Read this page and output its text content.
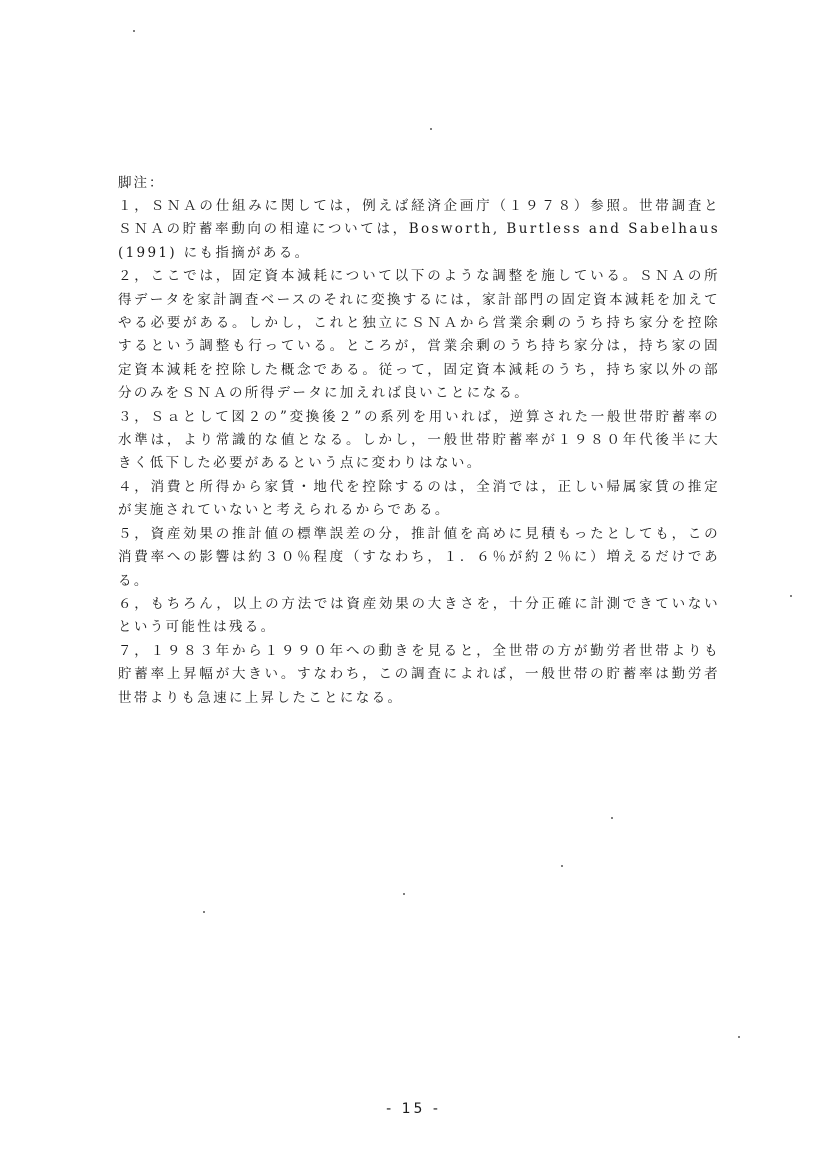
脚注：

１，ＳＮＡの仕組みに関しては，例えば経済企画庁（１９７８）参照。世帯調査とＳＮＡの貯蓄率動向の相違については，Bosworth, Burtless and Sabelhaus (1991) にも指摘がある。

２，ここでは，固定資本減耗について以下のような調整を施している。ＳＮＡの所得データを家計調査ベースのそれに変換するには，家計部門の固定資本減耗を加えてやる必要がある。しかし，これと独立にＳＮＡから営業余剰のうち持ち家分を控除するという調整も行っている。ところが，営業余剰のうち持ち家分は，持ち家の固定資本減耗を控除した概念である。従って，固定資本減耗のうち，持ち家以外の部分のみをＳＮＡの所得データに加えれば良いことになる。

３，Ｓａとして図２の”変換後２”の系列を用いれば，逆算された一般世帯貯蓄率の水準は，より常識的な値となる。しかし，一般世帯貯蓄率が１９８０年代後半に大きく低下した必要があるという点に変わりはない。

４，消費と所得から家賃・地代を控除するのは，全消では，正しい帰属家賃の推定が実施されていないと考えられるからである。

５，資産効果の推計値の標準誤差の分，推計値を高めに見積もったとしても，この消費率への影響は約３０％程度（すなわち，１．６％が約２％に）増えるだけである。

６，もちろん，以上の方法では資産効果の大きさを，十分正確に計測できていないという可能性は残る。

７，１９８３年から１９９０年への動きを見ると，全世帯の方が勤労者世帯よりも貯蓄率上昇幅が大きい。すなわち，この調査によれば，一般世帯の貯蓄率は勤労者世帯よりも急速に上昇したことになる。

- 15 -
